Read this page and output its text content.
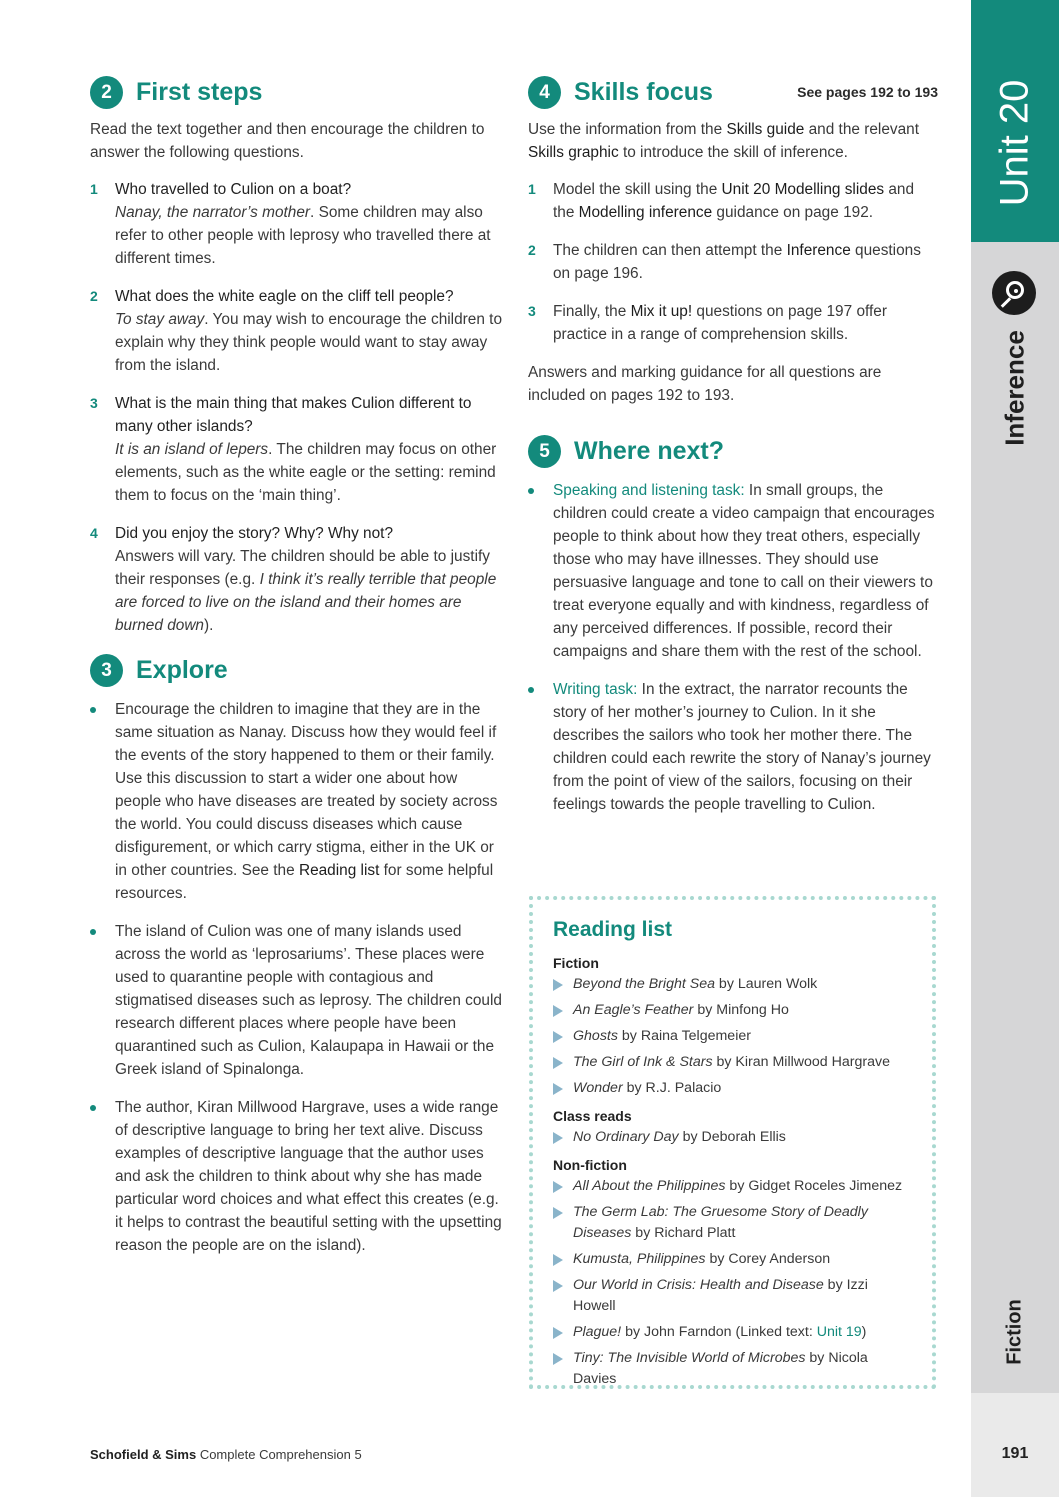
2 First steps

Read the text together and then encourage the children to answer the following questions.

1 Who travelled to Culion on a boat?
Nanay, the narrator’s mother. Some children may also refer to other people with leprosy who travelled there at different times.
2 What does the white eagle on the cliff tell people?
To stay away. You may wish to encourage the children to explain why they think people would want to stay away from the island.
3 What is the main thing that makes Culion different to many other islands?
It is an island of lepers. The children may focus on other elements, such as the white eagle or the setting: remind them to focus on the ‘main thing’.
4 Did you enjoy the story? Why? Why not?
Answers will vary. The children should be able to justify their responses (e.g. I think it’s really terrible that people are forced to live on the island and their homes are burned down).
3 Explore
Encourage the children to imagine that they are in the same situation as Nanay. Discuss how they would feel if the events of the story happened to them or their family. Use this discussion to start a wider one about how people who have diseases are treated by society across the world. You could discuss diseases which cause disfigurement, or which carry stigma, either in the UK or in other countries. See the Reading list for some helpful resources.
The island of Culion was one of many islands used across the world as ‘leprosariums’. These places were used to quarantine people with contagious and stigmatised diseases such as leprosy. The children could research different places where people have been quarantined such as Culion, Kalaupapa in Hawaii or the Greek island of Spinalonga.
The author, Kiran Millwood Hargrave, uses a wide range of descriptive language to bring her text alive. Discuss examples of descriptive language that the author uses and ask the children to think about why she has made particular word choices and what effect this creates (e.g. it helps to contrast the beautiful setting with the upsetting reason the people are on the island).
4 Skills focus	See pages 192 to 193

Use the information from the Skills guide and the relevant Skills graphic to introduce the skill of inference.

1 Model the skill using the Unit 20 Modelling slides and the Modelling inference guidance on page 192.
2 The children can then attempt the Inference questions on page 196.
3 Finally, the Mix it up! questions on page 197 offer practice in a range of comprehension skills.

Answers and marking guidance for all questions are included on pages 192 to 193.

5 Where next?
Speaking and listening task: In small groups, the children could create a video campaign that encourages people to think about how they treat others, especially those who may have illnesses. They should use persuasive language and tone to call on their viewers to treat everyone equally and with kindness, regardless of any perceived differences. If possible, record their campaigns and share them with the rest of the school.
Writing task: In the extract, the narrator recounts the story of her mother’s journey to Culion. In it she describes the sailors who took her mother there. The children could each rewrite the story of Nanay’s journey from the point of view of the sailors, focusing on their feelings towards the people travelling to Culion.
Reading list
Fiction
Beyond the Bright Sea by Lauren Wolk
An Eagle’s Feather by Minfong Ho
Ghosts by Raina Telgemeier
The Girl of Ink & Stars by Kiran Millwood Hargrave
Wonder by R.J. Palacio
Class reads
No Ordinary Day by Deborah Ellis
Non-fiction
All About the Philippines by Gidget Roceles Jimenez
The Germ Lab: The Gruesome Story of Deadly Diseases by Richard Platt
Kumusta, Philippines by Corey Anderson
Our World in Crisis: Health and Disease by Izzi Howell
Plague! by John Farndon (Linked text: Unit 19)
Tiny: The Invisible World of Microbes by Nicola Davies
Unit 20
Inference
Fiction
191
Schofield & Sims Complete Comprehension 5
